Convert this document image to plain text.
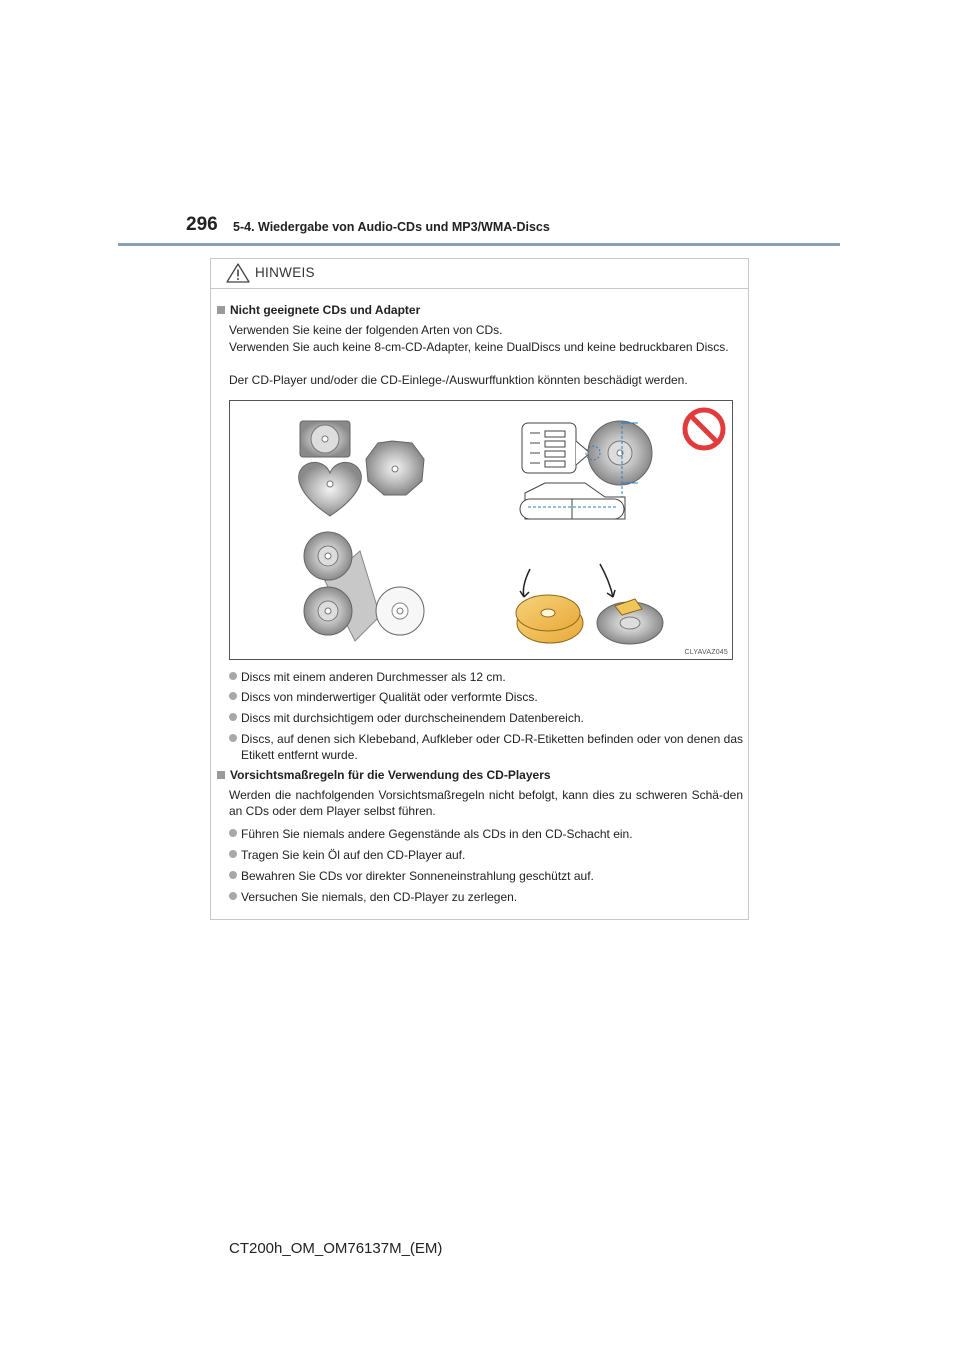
296 5-4. Wiedergabe von Audio-CDs und MP3/WMA-Discs
HINWEIS
Nicht geeignete CDs und Adapter
Verwenden Sie keine der folgenden Arten von CDs.
Verwenden Sie auch keine 8-cm-CD-Adapter, keine DualDiscs und keine bedruckbaren Discs.
Der CD-Player und/oder die CD-Einlege-/Auswurffunktion könnten beschädigt werden.
CLYAVAZ045
Discs mit einem anderen Durchmesser als 12 cm.
Discs von minderwertiger Qualität oder verformte Discs.
Discs mit durchsichtigem oder durchscheinendem Datenbereich.
Discs, auf denen sich Klebeband, Aufkleber oder CD-R-Etiketten befinden oder von denen das Etikett entfernt wurde.
Vorsichtsmaßregeln für die Verwendung des CD-Players
Werden die nachfolgenden Vorsichtsmaßregeln nicht befolgt, kann dies zu schweren Schä-den an CDs oder dem Player selbst führen.
Führen Sie niemals andere Gegenstände als CDs in den CD-Schacht ein.
Tragen Sie kein Öl auf den CD-Player auf.
Bewahren Sie CDs vor direkter Sonneneinstrahlung geschützt auf.
Versuchen Sie niemals, den CD-Player zu zerlegen.
CT200h_OM_OM76137M_(EM)
